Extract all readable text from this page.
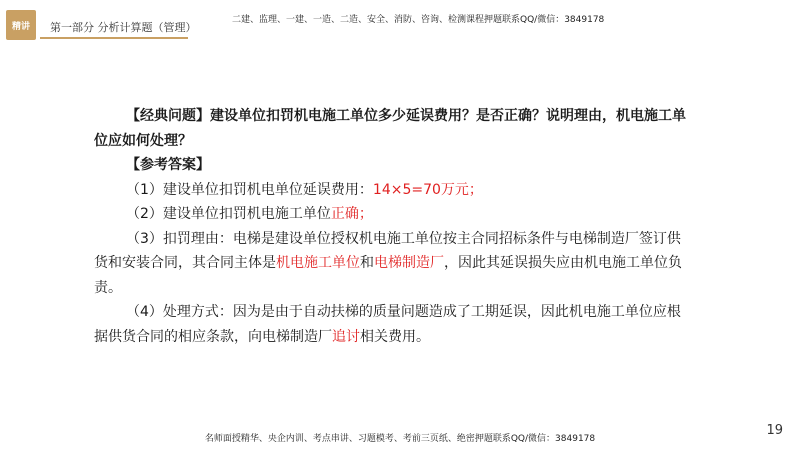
精讲 第一部分 分析计算题（管理）
二建、监理、一建、一造、二造、安全、消防、咨询、检测课程押题联系QQ/微信：3849178

【经典问题】建设单位扣罚机电施工单位多少延误费用？是否正确？说明理由，机电施工单位应如何处理？

【参考答案】

（1）建设单位扣罚机电单位延误费用：14×5=70万元；

（2）建设单位扣罚机电施工单位正确；

（3）扣罚理由：电梯是建设单位授权机电施工单位按主合同招标条件与电梯制造厂签订供货和安装合同，其合同主体是机电施工单位和电梯制造厂，因此其延误损失应由机电施工单位负责。

（4）处理方式：因为是由于自动扶梯的质量问题造成了工期延误，因此机电施工单位应根据供货合同的相应条款，向电梯制造厂追讨相关费用。

名师面授精华、央企内训、考点串讲、习题模考、考前三页纸、绝密押题联系QQ/微信：3849178
19
